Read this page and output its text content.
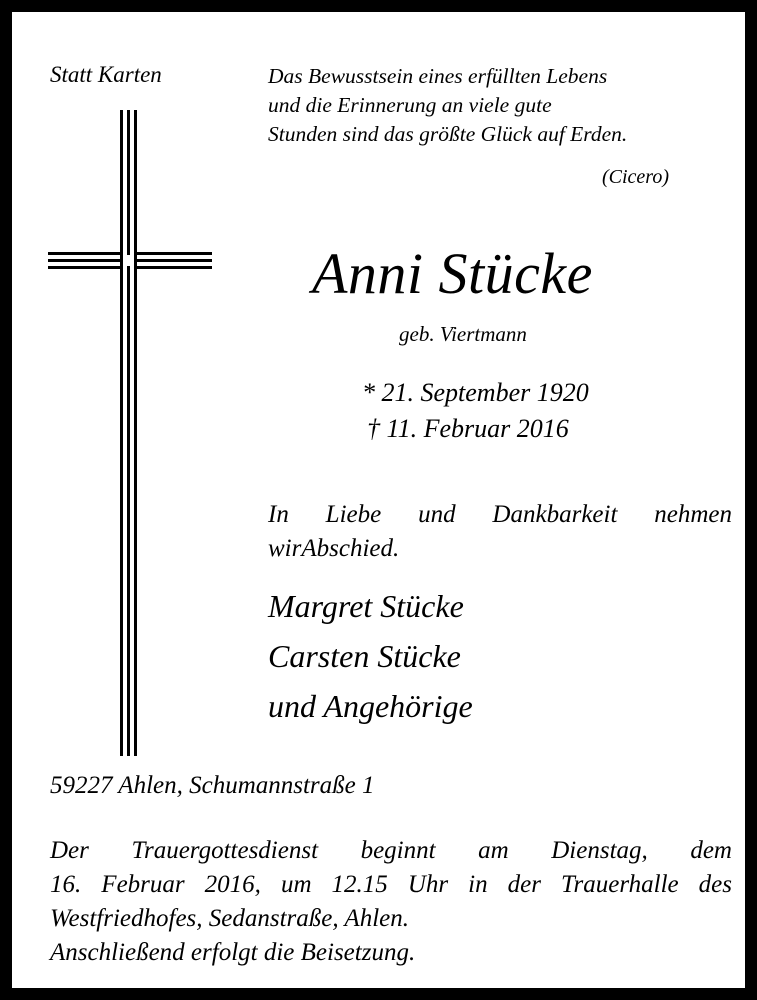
Statt Karten	Das Bewusstsein eines erfüllten Lebens
und die Erinnerung an viele gute
Stunden sind das größte Glück auf Erden.
(Cicero)
Anni Stücke
geb. Viertmann
* 21. September 1920
† 11. Februar 2016
In Liebe und Dankbarkeit nehmen wirAbschied.
Margret Stücke
Carsten Stücke
und Angehörige
59227 Ahlen, Schumannstraße 1
Der Trauergottesdienst beginnt am Dienstag, dem
16. Februar 2016, um 12.15 Uhr in der Trauerhalle des
Westfriedhofes, Sedanstraße, Ahlen.
Anschließend erfolgt die Beisetzung.
